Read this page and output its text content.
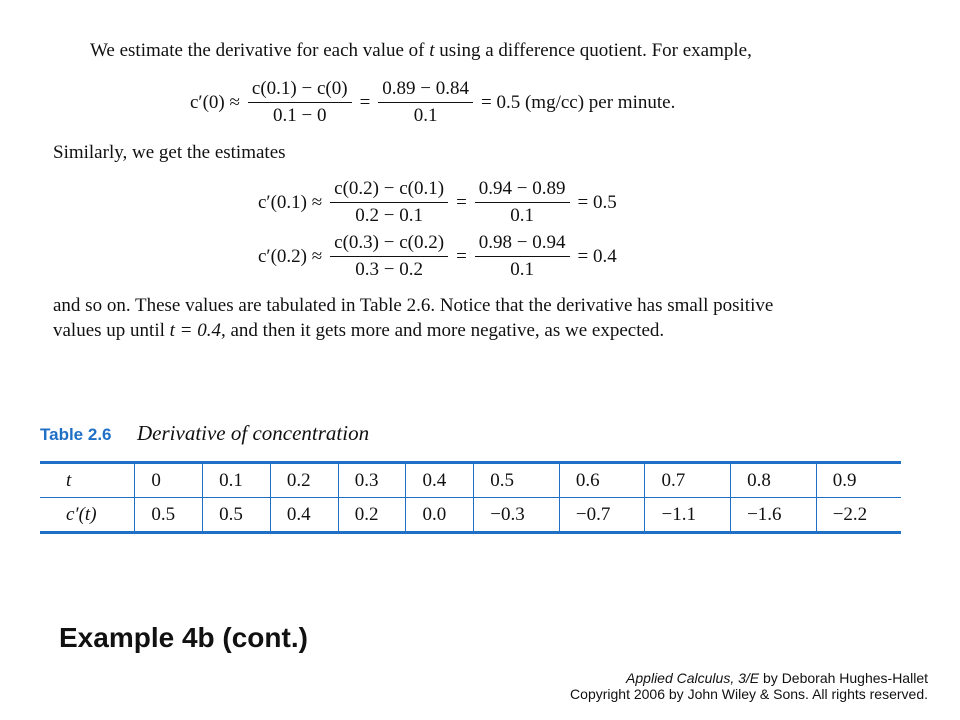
We estimate the derivative for each value of t using a difference quotient. For example,
$c'(0) \approx \frac{c(0.1) - c(0)}{0.1 - 0} = \frac{0.89 - 0.84}{0.1} = 0.5$ (mg/cc) per minute.
Similarly, we get the estimates
$c'(0.1) \approx \frac{c(0.2) - c(0.1)}{0.2 - 0.1} = \frac{0.94 - 0.89}{0.1} = 0.5$
$c'(0.2) \approx \frac{c(0.3) - c(0.2)}{0.3 - 0.2} = \frac{0.98 - 0.94}{0.1} = 0.4$
and so on. These values are tabulated in Table 2.6. Notice that the derivative has small positive
values up until t = 0.4, and then it gets more and more negative, as we expected.
Table 2.6 Derivative of concentration
t	0	0.1	0.2	0.3	0.4	0.5	0.6	0.7	0.8	0.9
c′(t)	0.5	0.5	0.4	0.2	0.0	−0.3	−0.7	−1.1	−1.6	−2.2
Example 4b (cont.)
Applied Calculus, 3/E by Deborah Hughes-Hallet
Copyright 2006 by John Wiley & Sons. All rights reserved.
